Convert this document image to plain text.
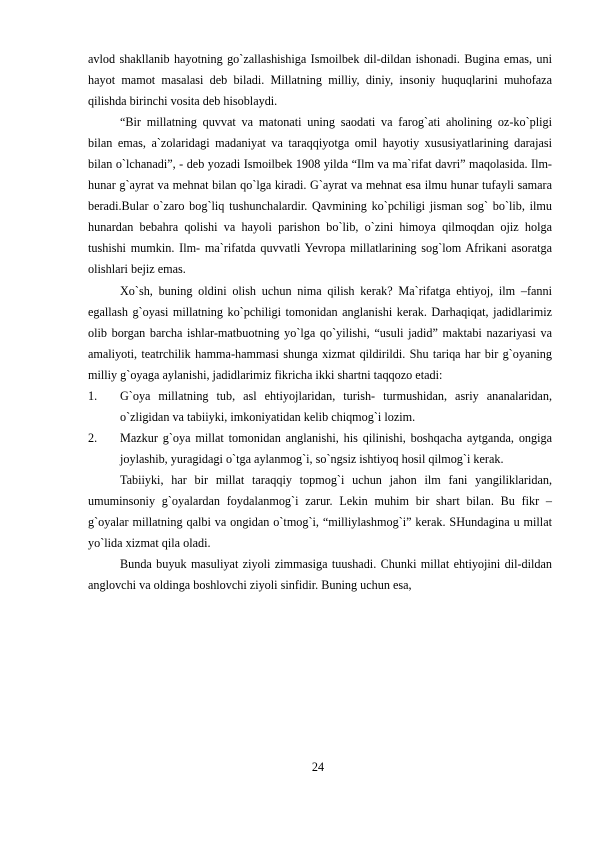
avlod shakllanib hayotning go`zallashishiga Ismoilbek dil-dildan ishonadi. Bugina emas, uni hayot mamot masalasi deb biladi. Millatning milliy, diniy, insoniy huquqlarini muhofaza qilishda birinchi vosita deb hisoblaydi.

“Bir millatning quvvat va matonati uning saodati va farog`ati aholining oz-ko`pligi bilan emas, a`zolaridagi madaniyat va taraqqiyotga omil hayotiy xususiyatlarining darajasi bilan o`lchanadi”, - deb yozadi Ismoilbek 1908 yilda “Ilm va ma`rifat davri” maqolasida. Ilm-hunar g`ayrat va mehnat bilan qo`lga kiradi. G`ayrat va mehnat esa ilmu hunar tufayli samara beradi.Bular o`zaro bog`liq tushunchalardir. Qavmining ko`pchiligi jisman sog` bo`lib, ilmu hunardan bebahra qolishi va hayoli parishon bo`lib, o`zini himoya qilmoqdan ojiz holga tushishi mumkin. Ilm- ma`rifatda quvvatli Yevropa millatlarining sog`lom Afrikani asoratga olishlari bejiz emas.

Xo`sh, buning oldini olish uchun nima qilish kerak? Ma`rifatga ehtiyoj, ilm –fanni egallash g`oyasi millatning ko`pchiligi tomonidan anglanishi kerak. Darhaqiqat, jadidlarimiz olib borgan barcha ishlar-matbuotning yo`lga qo`yilishi, “usuli jadid” maktabi nazariyasi va amaliyoti, teatrchilik hamma-hammasi shunga xizmat qildirildi. Shu tariqa har bir g`oyaning milliy g`oyaga aylanishi, jadidlarimiz fikricha ikki shartni taqqozo etadi:

1.	G`oya millatning tub, asl ehtiyojlaridan, turish- turmushidan, asriy ananalaridan, o`zligidan va tabiiyki, imkoniyatidan kelib chiqmog`i lozim.
2.	Mazkur g`oya millat tomonidan anglanishi, his qilinishi, boshqacha aytganda, ongiga joylashib, yuragidagi o`tga aylanmog`i, so`ngsiz ishtiyoq hosil qilmog`i kerak.

Tabiiyki, har bir millat taraqqiy topmog`i uchun jahon ilm fani yangiliklaridan, umuminsoniy g`oyalardan foydalanmog`i zarur. Lekin muhim bir shart bilan. Bu fikr – g`oyalar millatning qalbi va ongidan o`tmog`i, “milliylashmog`i” kerak. SHundagina u millat yo`lida xizmat qila oladi.

Bunda buyuk masuliyat ziyoli zimmasiga tuushadi. Chunki millat ehtiyojini dil-dildan anglovchi va oldinga boshlovchi ziyoli sinfidir. Buning uchun esa,

24
